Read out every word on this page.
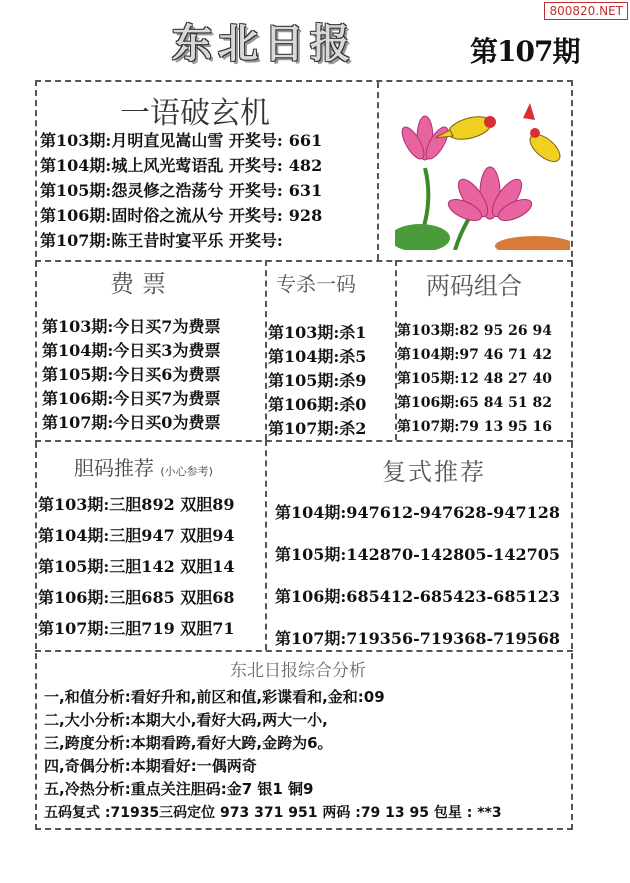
800820.NET
东北日报	第107期
一语破玄机
费票	专杀一码	两码组合
胆码推荐 (小心参考)	复式推荐
东北日报综合分析
五码复式 :71935三码定位 973 371 951 两码 :79 13 95 包星 : **3
第103期:月明直见嵩山雪 开奖号: 661
第104期:城上风光莺语乱 开奖号: 482
第105期:怨灵修之浩荡兮 开奖号: 631
第106期:固时俗之流从兮 开奖号: 928
第107期:陈王昔时宴平乐 开奖号:
第103期:今日买7为费票
第104期:今日买3为费票
第105期:今日买6为费票
第106期:今日买7为费票
第107期:今日买0为费票
第103期:杀1
第104期:杀5
第105期:杀9
第106期:杀0
第107期:杀2
第103期:82 95 26 94
第104期:97 46 71 42
第105期:12 48 27 40
第106期:65 84 51 82
第107期:79 13 95 16
第103期:三胆892 双胆89
第104期:三胆947 双胆94
第105期:三胆142 双胆14
第106期:三胆685 双胆68
第107期:三胆719 双胆71
第104期:947612-947628-947128
第105期:142870-142805-142705
第106期:685412-685423-685123
第107期:719356-719368-719568
一,和值分析:看好升和,前区和值,彩谍看和,金和:09
二,大小分析:本期大小,看好大码,两大一小,
三,跨度分析:本期看跨,看好大跨,金跨为6。
四,奇偶分析:本期看好:一偶两奇
五,冷热分析:重点关注胆码:金7 银1 铜9
